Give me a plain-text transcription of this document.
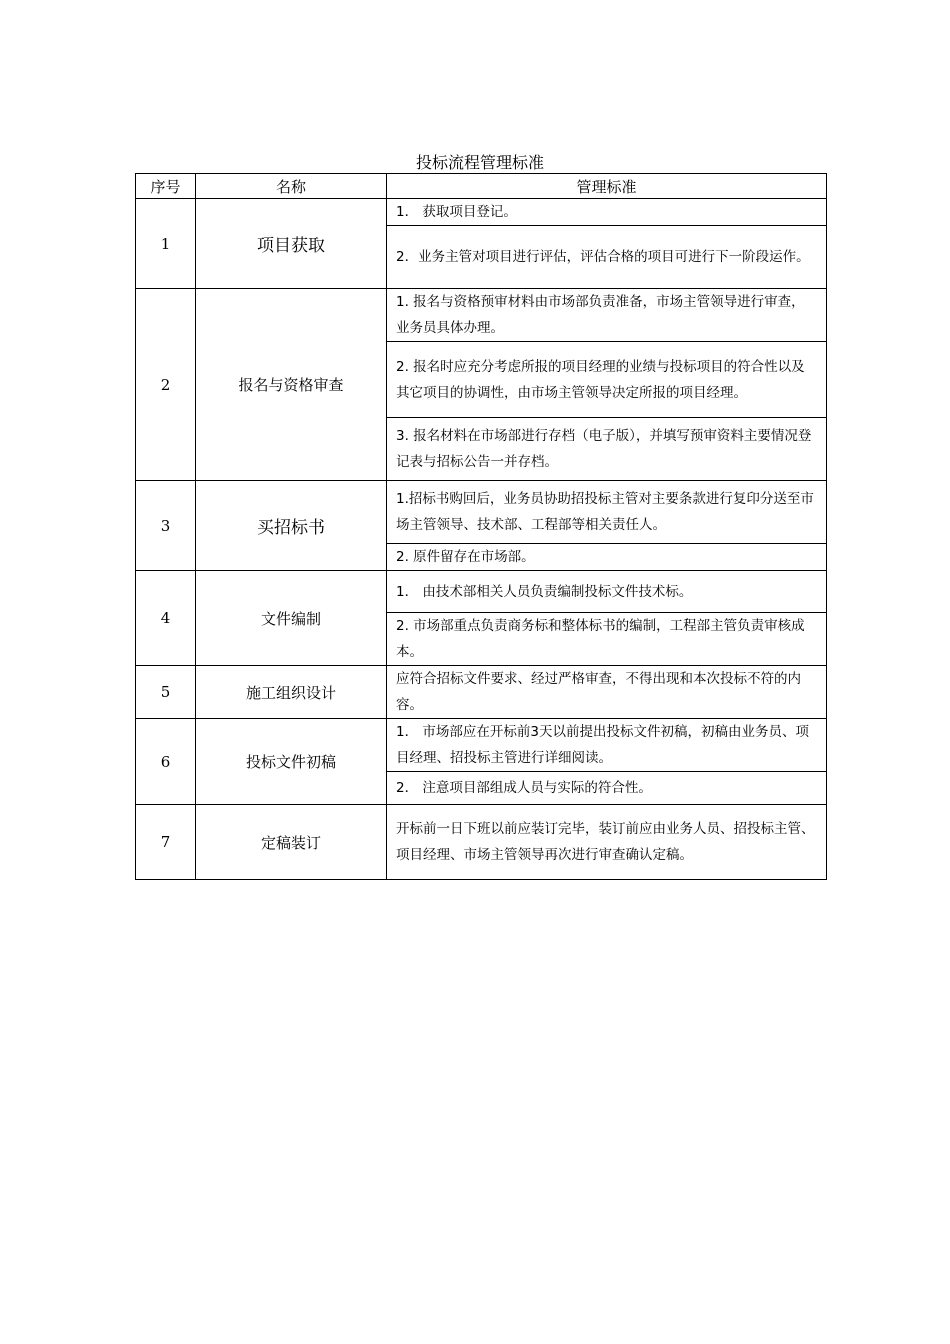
投标流程管理标准
序号	名称	管理标准
1	项目获取	1． 获取项目登记。
		2．业务主管对项目进行评估，评估合格的项目可进行下一阶段运作。
2	报名与资格审查	1. 报名与资格预审材料由市场部负责准备，市场主管领导进行审查，业务员具体办理。
		2. 报名时应充分考虑所报的项目经理的业绩与投标项目的符合性以及其它项目的协调性，由市场主管领导决定所报的项目经理。
		3. 报名材料在市场部进行存档（电子版），并填写预审资料主要情况登记表与招标公告一并存档。
3	买招标书	1.招标书购回后，业务员协助招投标主管对主要条款进行复印分送至市场主管领导、技术部、工程部等相关责任人。
		2. 原件留存在市场部。
4	文件编制	1． 由技术部相关人员负责编制投标文件技术标。
		2. 市场部重点负责商务标和整体标书的编制，工程部主管负责审核成本。
5	施工组织设计	应符合招标文件要求、经过严格审查，不得出现和本次投标不符的内容。
6	投标文件初稿	1． 市场部应在开标前3天以前提出投标文件初稿，初稿由业务员、项目经理、招投标主管进行详细阅读。
		2． 注意项目部组成人员与实际的符合性。
7	定稿装订	开标前一日下班以前应装订完毕，装订前应由业务人员、招投标主管、项目经理、市场主管领导再次进行审查确认定稿。
